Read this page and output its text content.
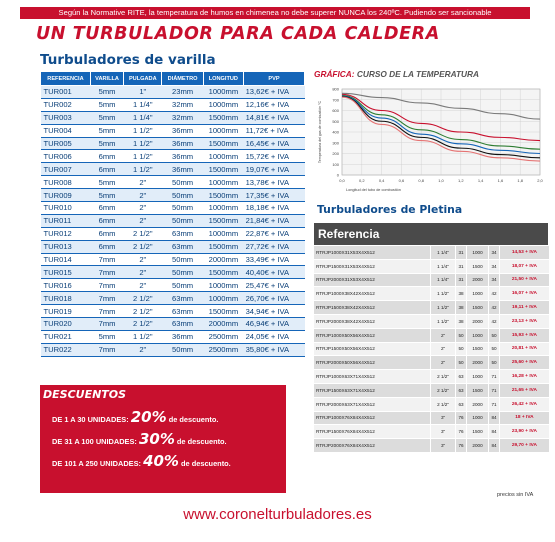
Según la Normative RITE, la temperatura de humos en chimenea no debe superer NUNCA los 240ºC. Pudiendo ser sancionable
UN TURBULADOR PARA CADA CALDERA
Turbuladores de varilla
REFERENCIA	VARILLA	PULGADA	DIÁMETRO	LONGITUD	PVP
TUR001	5mm	1"	23mm	1000mm	13,62€ + IVA
TUR002	5mm	1 1/4"	32mm	1000mm	12,16€ + IVA
TUR003	5mm	1 1/4"	32mm	1500mm	14,81€ + IVA
TUR004	5mm	1 1/2"	36mm	1000mm	11,72€ + IVA
TUR005	5mm	1 1/2"	36mm	1500mm	16,45€ + IVA
TUR006	6mm	1 1/2"	36mm	1000mm	15,72€ + IVA
TUR007	6mm	1 1/2"	36mm	1500mm	19,07€ + IVA
TUR008	5mm	2"	50mm	1000mm	13,78€ + IVA
TUR009	5mm	2"	50mm	1500mm	17,35€ + IVA
TUR010	6mm	2"	50mm	1000mm	18,18€ + IVA
TUR011	6mm	2"	50mm	1500mm	21,84€ + IVA
TUR012	6mm	2 1/2"	63mm	1000mm	22,87€ + IVA
TUR013	6mm	2 1/2"	63mm	1500mm	27,72€ + IVA
TUR014	7mm	2"	50mm	2000mm	33,49€ + IVA
TUR015	7mm	2"	50mm	1500mm	40,40€ + IVA
TUR016	7mm	2"	50mm	1000mm	25,47€ + IVA
TUR018	7mm	2 1/2"	63mm	1000mm	26,70€ + IVA
TUR019	7mm	2 1/2"	63mm	1500mm	34,94€ + IVA
TUR020	7mm	2 1/2"	63mm	2000mm	46,94€ + IVA
TUR021	5mm	1 1/2"	36mm	2500mm	24,05€ + IVA
TUR022	7mm	2"	50mm	2500mm	35,80€ + IVA
DESCUENTOS
DE 1 A 30 UNIDADES: 20% de descuento.
DE 31 A 100 UNIDADES: 30% de descuento.
DE 101 A 250 UNIDADES: 40% de descuento.
GRÁFICA: CURSO DE LA TEMPERATURA
0
100
200
300
400
500
600
700
800
0,0	0,2	0,4	0,6	0,8	1,0	1,2	1,4	1,6	1,8	2,0
Longitud del tubo de combustión
Temperatura del gas de combustión °C
Turbuladores de Pletina
Referencia					
RTRJP1000X31X53X4X512	1 1/4"	31	1000	34	14,53 + IVA
RTRJP1500X31X53X4X512	1 1/4"	31	1500	34	18,07 + IVA
RTRJP2000X31X53X4X512	1 1/4"	31	2000	34	21,50 + IVA
RTRJP1000X38X42X4X512	1 1/2"	38	1000	42	16,07 + IVA
RTRJP1500X38X42X4X512	1 1/2"	38	1500	42	19,11 + IVA
RTRJP2000X38X42X4X512	1 1/2"	38	2000	42	23,13 + IVA
RTRJP1000X50X56X4X512	2"	50	1000	50	15,93 + IVA
RTRJP1500X50X56X4X512	2"	50	1500	50	20,81 + IVA
RTRJP2000X50X56X4X512	2"	50	2000	50	25,60 + IVA
RTRJP1000X63X71X4X512	2 1/2"	63	1000	71	16,28 + IVA
RTRJP1500X63X71X4X512	2 1/2"	63	1500	71	21,65 + IVA
RTRJP2000X63X71X4X512	2 1/2"	63	2000	71	26,42 + IVA
RTRJP1000X76X84X4X512	3"	76	1000	84	18 + IVA
RTRJP1500X76X84X4X512	3"	76	1500	84	23,90 + IVA
RTRJP2000X76X84X4X512	3"	76	2000	84	29,70 + IVA
precios sin IVA
www.coronelturbuladores.es
